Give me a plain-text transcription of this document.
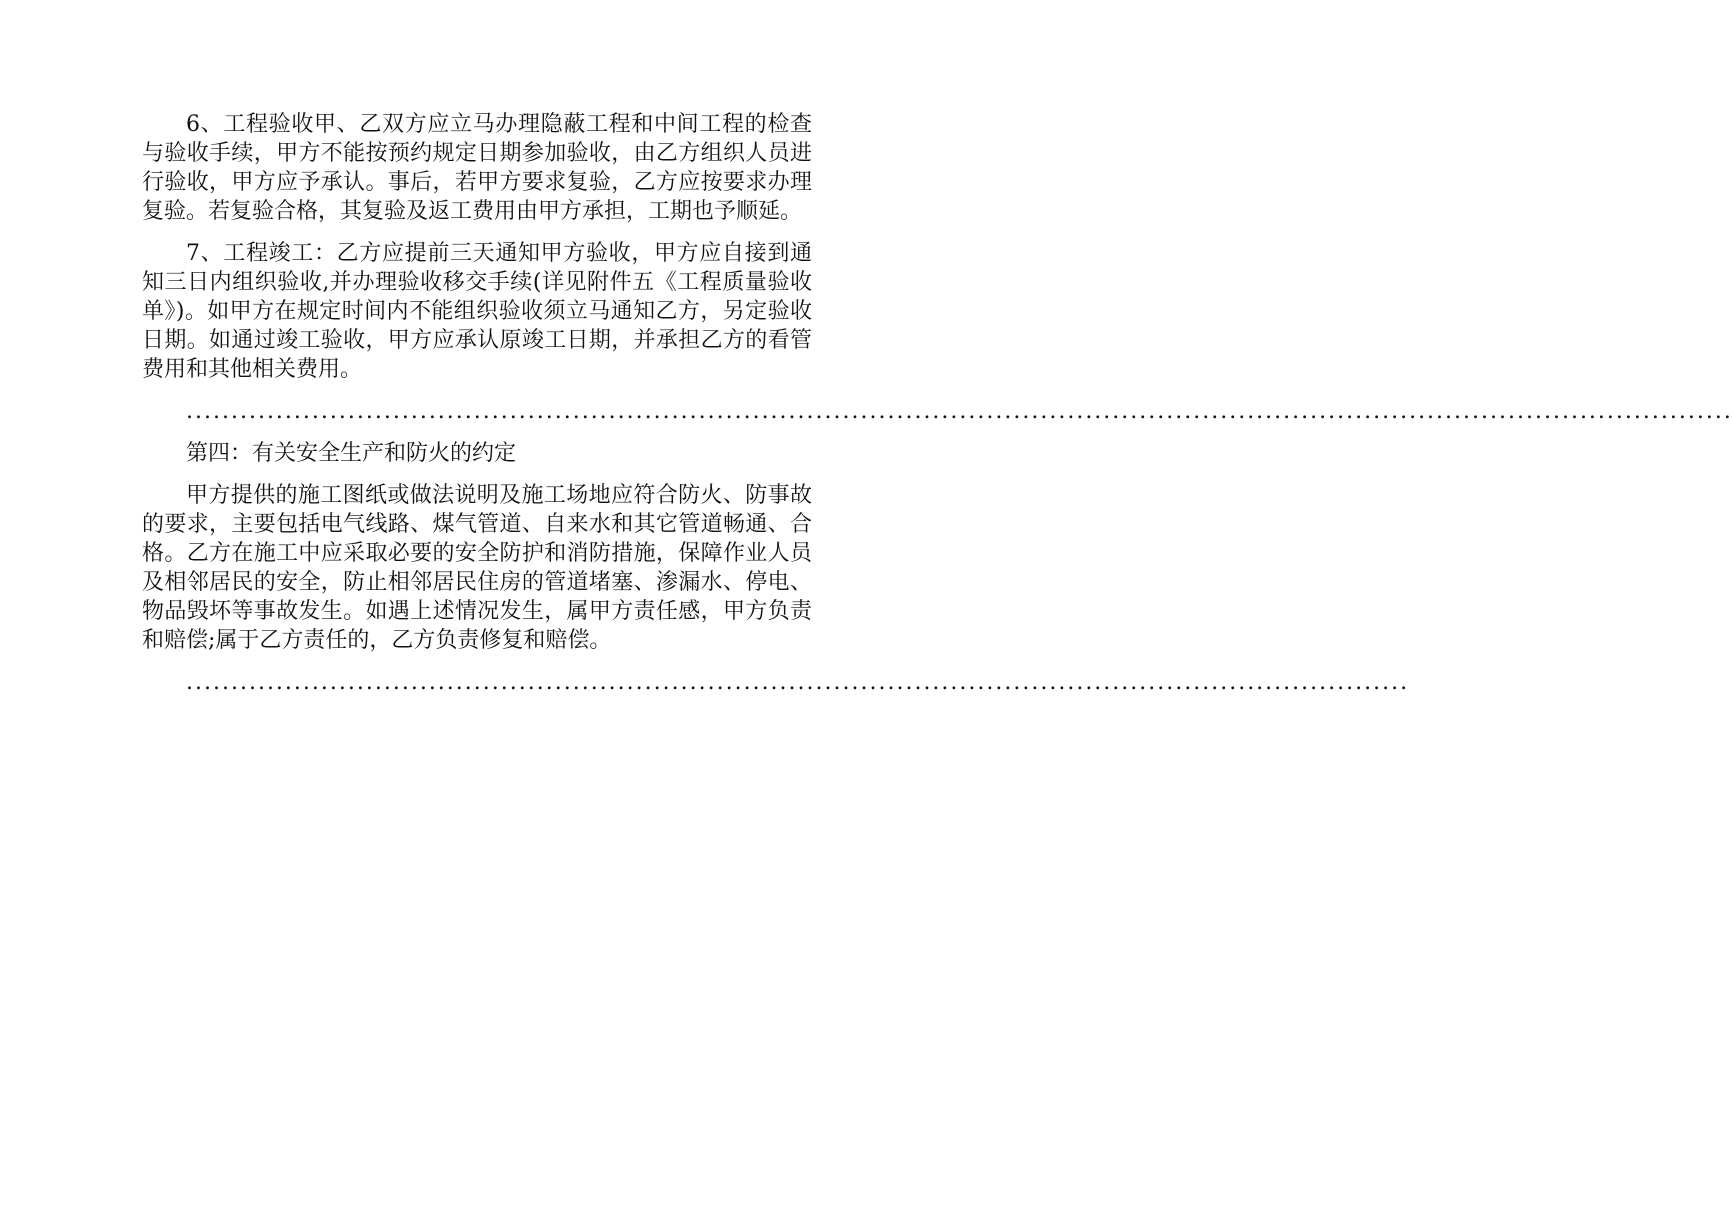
6、工程验收甲、乙双方应立马办理隐蔽工程和中间工程的检查与验收手续，甲方不能按预约规定日期参加验收，由乙方组织人员进行验收，甲方应予承认。事后，若甲方要求复验，乙方应按要求办理复验。若复验合格，其复验及返工费用由甲方承担，工期也予顺延。

7、工程竣工：乙方应提前三天通知甲方验收，甲方应自接到通知三日内组织验收,并办理验收移交手续(详见附件五《工程质量验收单》)。如甲方在规定时间内不能组织验收须立马通知乙方，另定验收日期。如通过竣工验收，甲方应承认原竣工日期，并承担乙方的看管费用和其他相关费用。

............................................................................................................................................................................

第四：有关安全生产和防火的约定

甲方提供的施工图纸或做法说明及施工场地应符合防火、防事故的要求，主要包括电气线路、煤气管道、自来水和其它管道畅通、合格。乙方在施工中应采取必要的安全防护和消防措施，保障作业人员及相邻居民的安全，防止相邻居民住房的管道堵塞、渗漏水、停电、物品毁坏等事故发生。如遇上述情况发生，属甲方责任感，甲方负责和赔偿;属于乙方责任的，乙方负责修复和赔偿。

........................................................................................................................................
